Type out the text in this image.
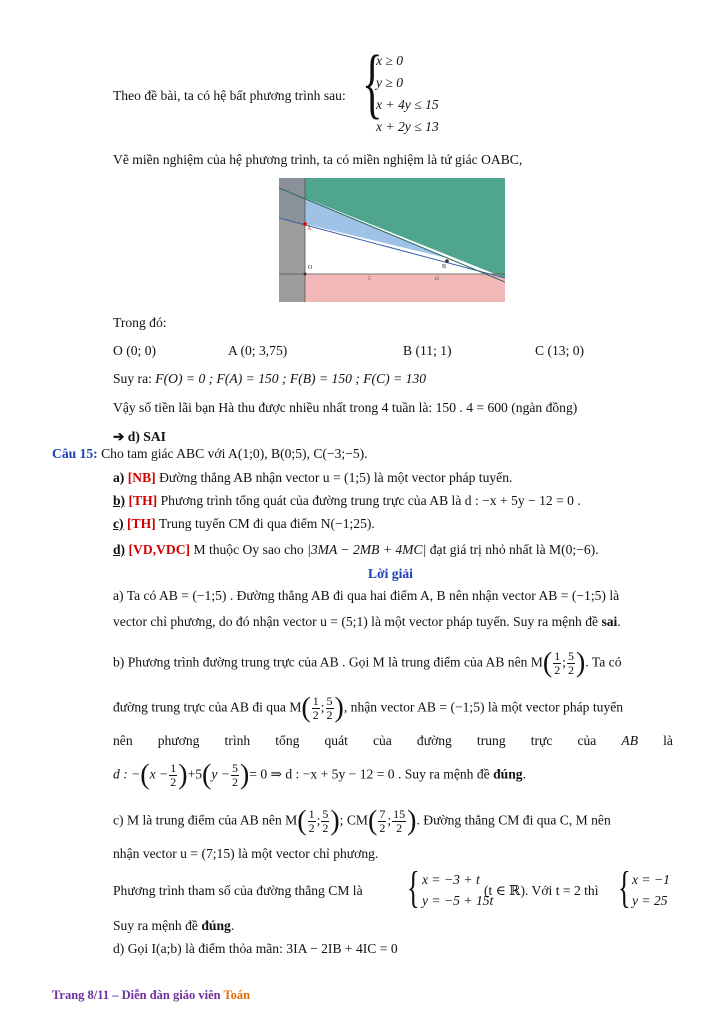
Theo đề bài, ta có hệ bất phương trình sau: {
x ≥ 0
y ≥ 0
x + 4y ≤ 15
x + 2y ≤ 13
Vẽ miền nghiệm của hệ phương trình, ta có miền nghiệm là tứ giác OABC,
A
B
O
5	10
Trong đó:
O (0; 0)	A (0; 3,75)	B (11; 1)	C (13; 0)
Suy ra: F(O) = 0 ; F(A) = 150 ; F(B) = 150 ; F(C) = 130
Vậy số tiền lãi bạn Hà thu được nhiều nhất trong 4 tuần là: 150 . 4 = 600 (ngàn đồng)
➔ d) SAI
Câu 15: Cho tam giác ABC với A(1;0), B(0;5), C(−3;−5).
a) [NB] Đường thẳng AB nhận vector u = (1;5) là một vector pháp tuyến.
b) [TH] Phương trình tổng quát của đường trung trực của AB là d : −x + 5y − 12 = 0 .
c) [TH] Trung tuyến CM đi qua điểm N(−1;25).
d) [VD,VDC] M thuộc Oy sao cho |3MA − 2MB + 4MC| đạt giá trị nhỏ nhất là M(0;−6).
Lời giải
a) Ta có AB = (−1;5) . Đường thẳng AB đi qua hai điểm A, B nên nhận vector AB = (−1;5) là
vector chỉ phương, do đó nhận vector u = (5;1) là một vector pháp tuyến. Suy ra mệnh đề sai.
b) Phương trình đường trung trực của AB . Gọi M là trung điểm của AB nên $M( \frac{1}{2}$ ; $\frac{5}{2}$ ). Ta có
đường trung trực của AB đi qua $M( \frac{1}{2}$ ; $\frac{5}{2}$ ), nhận vector AB = (−1;5) là một vector pháp tuyến
nên phương trình tổng quát của đường trung trực của AB là
d : $-(x - \frac{1}{2} )+5(y - \frac{5}{2}$ )= 0 ⇒ d : −x + 5y − 12 = 0 . Suy ra mệnh đề đúng.
c) M là trung điểm của AB nên $M( \frac{1}{2}$ ; $\frac{5}{2}$ ); $CM( \frac{7}{2}$ ; $\frac{15}{2}$ ). Đường thẳng CM đi qua C, M nên
nhận vector u = (7;15) là một vector chỉ phương.
Phương trình tham số của đường thẳng CM là { x = −3 + t
y = −5 + 15t
(t ∈ ℝ). Với t = 2 thì { x = −1
y = 25
Suy ra mệnh đề đúng.
d) Gọi I(a;b) là điểm thỏa mãn: 3IA − 2IB + 4IC = 0
Trang 8/11 – Diễn đàn giáo viên Toán
